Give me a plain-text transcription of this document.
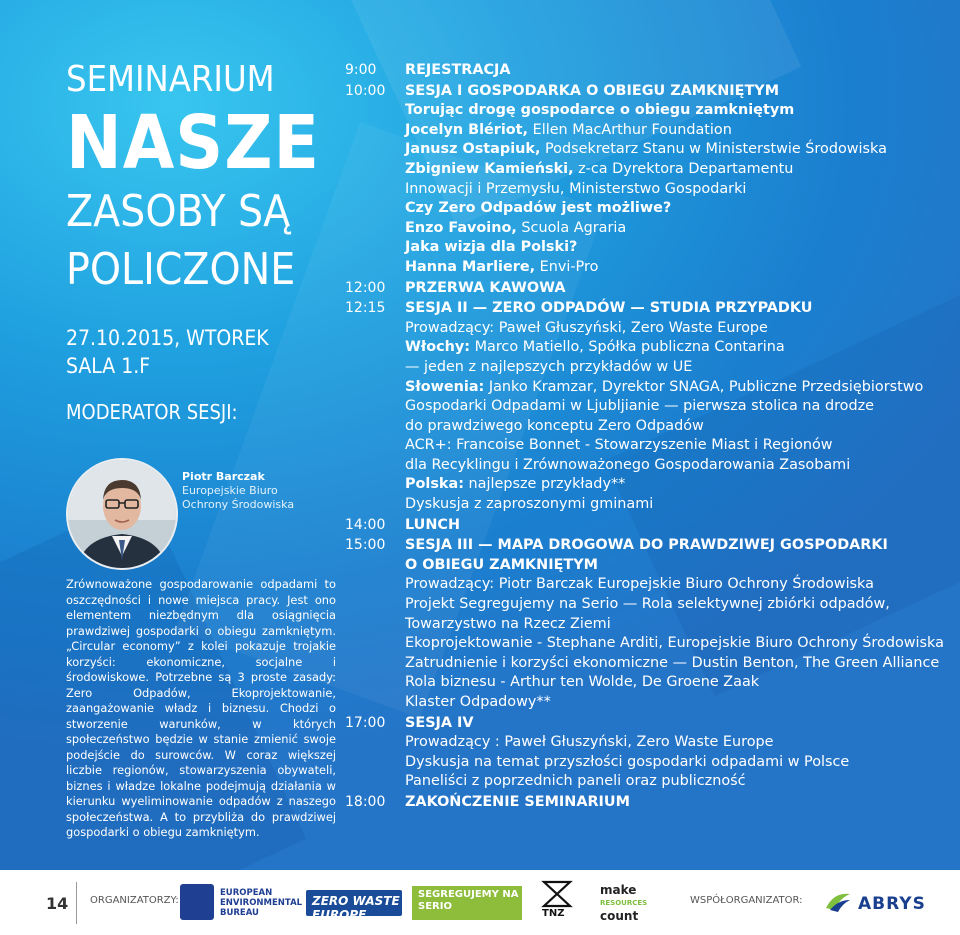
SEMINARIUM
NASZE
ZASOBY SĄ
POLICZONE
27.10.2015, WTOREK
SALA 1.F
MODERATOR SESJI:
Piotr Barczak
Europejskie Biuro Ochrony Środowiska

Zrównoważone gospodarowanie odpadami to oszczędności i nowe miejsca pracy. Jest ono elementem niezbędnym dla osiągnięcia prawdziwej gospodarki o obiegu zamkniętym. „Circular economy” z kolei pokazuje trojakie korzyści: ekonomiczne, socjalne i środowiskowe. Potrzebne są 3 proste zasady: Zero Odpadów, Ekoprojektowanie, zaangażowanie władz i biznesu. Chodzi o stworzenie warunków, w których społeczeństwo będzie w stanie zmienić swoje podejście do surowców. W coraz większej liczbie regionów, stowarzyszenia obywateli, biznes i władze lokalne podejmują działania w kierunku wyeliminowanie odpadów z naszego społeczeństwa. A to przybliża do prawdziwej gospodarki o obiegu zamkniętym.

9:00	REJESTRACJA
10:00	SESJA I GOSPODARKA O OBIEGU ZAMKNIĘTYM
Torując drogę gospodarce o obiegu zamkniętym
Jocelyn Blériot, Ellen MacArthur Foundation
Janusz Ostapiuk, Podsekretarz Stanu w Ministerstwie Środowiska
Zbigniew Kamieński, z-ca Dyrektora Departamentu
Innowacji i Przemysłu, Ministerstwo Gospodarki
Czy Zero Odpadów jest możliwe?
Enzo Favoino, Scuola Agraria
Jaka wizja dla Polski?
Hanna Marliere, Envi-Pro
12:00	PRZERWA KAWOWA
12:15	SESJA II — ZERO ODPADÓW — STUDIA PRZYPADKU
Prowadzący: Paweł Głuszyński, Zero Waste Europe
Włochy: Marco Matiello, Spółka publiczna Contarina
— jeden z najlepszych przykładów w UE
Słowenia: Janko Kramzar, Dyrektor SNAGA, Publiczne Przedsiębiorstwo
Gospodarki Odpadami w Ljubljianie — pierwsza stolica na drodze
do prawdziwego konceptu Zero Odpadów
ACR+: Francoise Bonnet - Stowarzyszenie Miast i Regionów
dla Recyklingu i Zrównoważonego Gospodarowania Zasobami
Polska: najlepsze przykłady**
Dyskusja z zaproszonymi gminami
14:00	LUNCH
15:00	SESJA III — MAPA DROGOWA DO PRAWDZIWEJ GOSPODARKI
O OBIEGU ZAMKNIĘTYM
Prowadzący: Piotr Barczak Europejskie Biuro Ochrony Środowiska
Projekt Segregujemy na Serio — Rola selektywnej zbiórki odpadów,
Towarzystwo na Rzecz Ziemi
Ekoprojektowanie - Stephane Arditi, Europejskie Biuro Ochrony Środowiska
Zatrudnienie i korzyści ekonomiczne — Dustin Benton, The Green Alliance
Rola biznesu - Arthur ten Wolde, De Groene Zaak
Klaster Odpadowy**
17:00	SESJA IV
Prowadzący : Paweł Głuszyński, Zero Waste Europe
Dyskusja na temat przyszłości gospodarki odpadami w Polsce
Paneliści z poprzednich paneli oraz publiczność
18:00	ZAKOŃCZENIE SEMINARIUM
14 ORGANIZATORZY:
EUROPEAN ENVIRONMENTAL BUREAU
ZERO WASTE EUROPE
SEGREGUJEMY NA SERIO
TNZ
make
RESOURCES
count
WSPÓŁORGANIZATOR:	ABRYS
